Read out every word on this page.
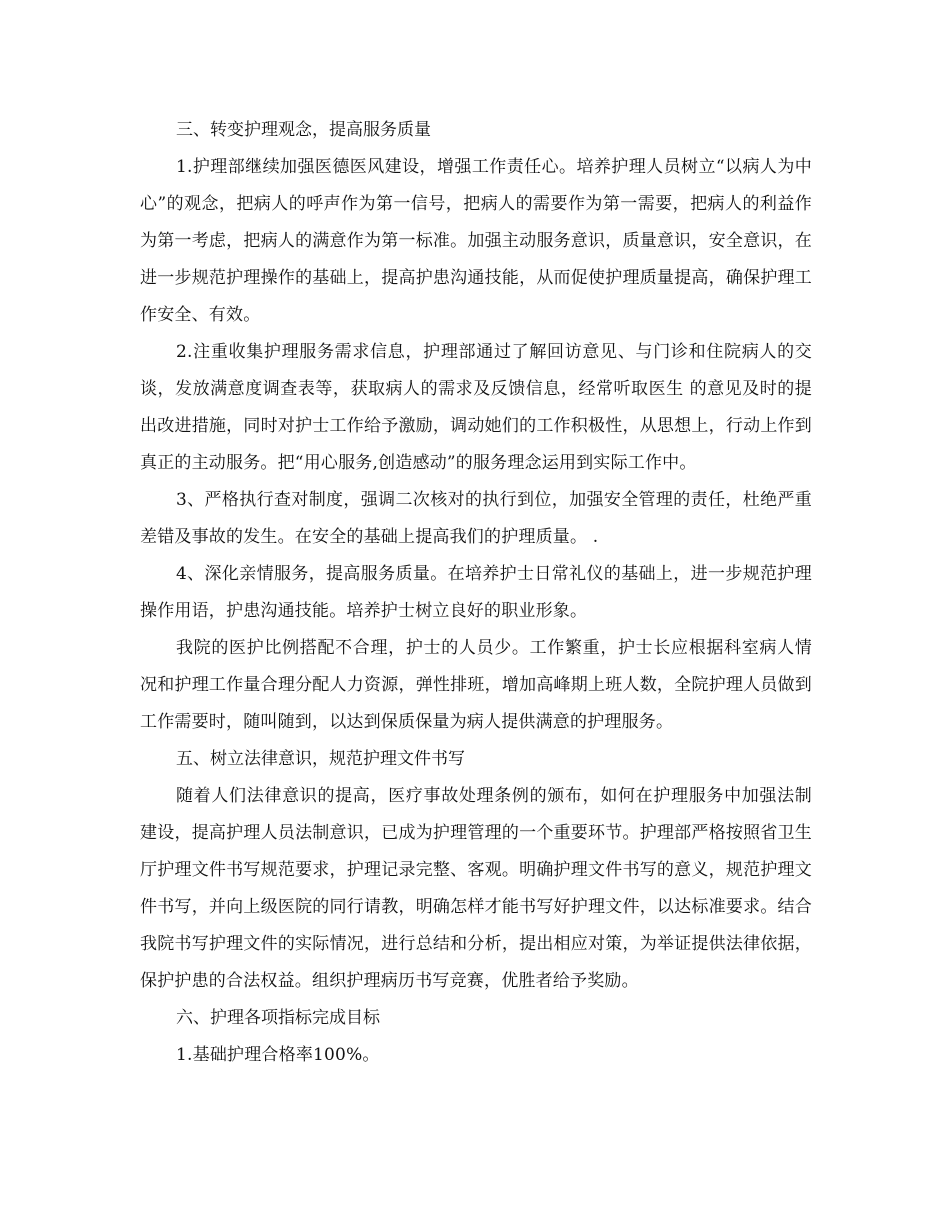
三、转变护理观念，提高服务质量

1.护理部继续加强医德医风建设，增强工作责任心。培养护理人员树立“以病人为中心”的观念，把病人的呼声作为第一信号，把病人的需要作为第一需要，把病人的利益作为第一考虑，把病人的满意作为第一标准。加强主动服务意识，质量意识，安全意识，在进一步规范护理操作的基础上，提高护患沟通技能，从而促使护理质量提高，确保护理工作安全、有效。

2.注重收集护理服务需求信息，护理部通过了解回访意见、与门诊和住院病人的交谈，发放满意度调查表等，获取病人的需求及反馈信息，经常听取医生 的意见及时的提出改进措施，同时对护士工作给予激励，调动她们的工作积极性，从思想上，行动上作到真正的主动服务。把“用心服务,创造感动”的服务理念运用到实际工作中。

3、严格执行查对制度，强调二次核对的执行到位，加强安全管理的责任，杜绝严重差错及事故的发生。在安全的基础上提高我们的护理质量。 .

4、深化亲情服务，提高服务质量。在培养护士日常礼仪的基础上，进一步规范护理操作用语，护患沟通技能。培养护士树立良好的职业形象。

我院的医护比例搭配不合理，护士的人员少。工作繁重，护士长应根据科室病人情况和护理工作量合理分配人力资源，弹性排班，增加高峰期上班人数，全院护理人员做到工作需要时，随叫随到，以达到保质保量为病人提供满意的护理服务。

五、树立法律意识，规范护理文件书写

随着人们法律意识的提高，医疗事故处理条例的颁布，如何在护理服务中加强法制建设，提高护理人员法制意识，已成为护理管理的一个重要环节。护理部严格按照省卫生厅护理文件书写规范要求，护理记录完整、客观。明确护理文件书写的意义，规范护理文件书写，并向上级医院的同行请教，明确怎样才能书写好护理文件，以达标准要求。结合我院书写护理文件的实际情况，进行总结和分析，提出相应对策，为举证提供法律依据，保护护患的合法权益。组织护理病历书写竞赛，优胜者给予奖励。

六、护理各项指标完成目标

1.基础护理合格率100%。
